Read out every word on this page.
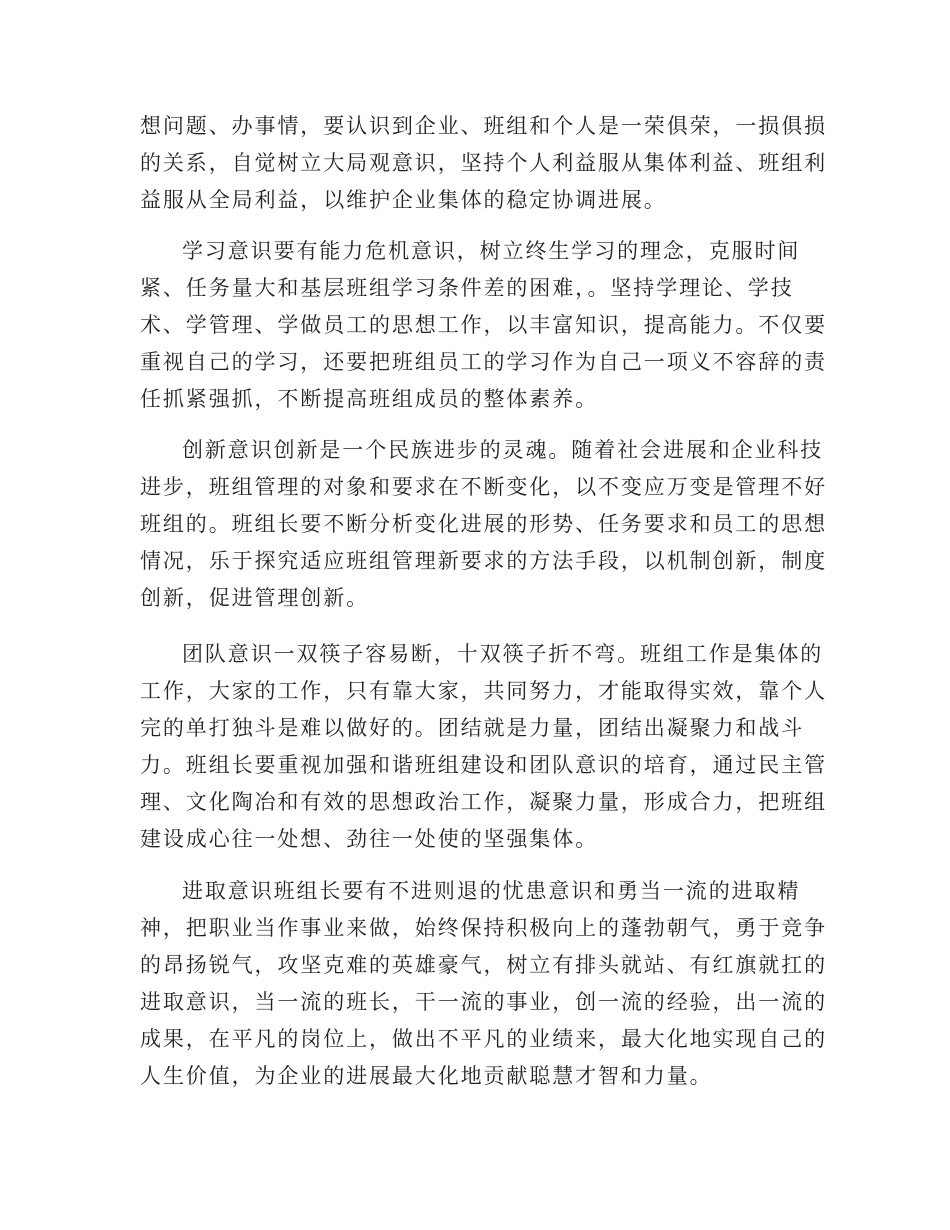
想问题、办事情，要认识到企业、班组和个人是一荣俱荣，一损俱损
的关系，自觉树立大局观意识，坚持个人利益服从集体利益、班组利
益服从全局利益，以维护企业集体的稳定协调进展。
学习意识要有能力危机意识，树立终生学习的理念，克服时间
紧、任务量大和基层班组学习条件差的困难，。坚持学理论、学技
术、学管理、学做员工的思想工作，以丰富知识，提高能力。不仅要
重视自己的学习，还要把班组员工的学习作为自己一项义不容辞的责
任抓紧强抓，不断提高班组成员的整体素养。
创新意识创新是一个民族进步的灵魂。随着社会进展和企业科技
进步，班组管理的对象和要求在不断变化，以不变应万变是管理不好
班组的。班组长要不断分析变化进展的形势、任务要求和员工的思想
情况，乐于探究适应班组管理新要求的方法手段，以机制创新，制度
创新，促进管理创新。
团队意识一双筷子容易断，十双筷子折不弯。班组工作是集体的
工作，大家的工作，只有靠大家，共同努力，才能取得实效，靠个人
完的单打独斗是难以做好的。团结就是力量，团结出凝聚力和战斗
力。班组长要重视加强和谐班组建设和团队意识的培育，通过民主管
理、文化陶冶和有效的思想政治工作，凝聚力量，形成合力，把班组
建设成心往一处想、劲往一处使的坚强集体。
进取意识班组长要有不进则退的忧患意识和勇当一流的进取精
神，把职业当作事业来做，始终保持积极向上的蓬勃朝气，勇于竞争
的昂扬锐气，攻坚克难的英雄豪气，树立有排头就站、有红旗就扛的
进取意识，当一流的班长，干一流的事业，创一流的经验，出一流的
成果，在平凡的岗位上，做出不平凡的业绩来，最大化地实现自己的
人生价值，为企业的进展最大化地贡献聪慧才智和力量。
